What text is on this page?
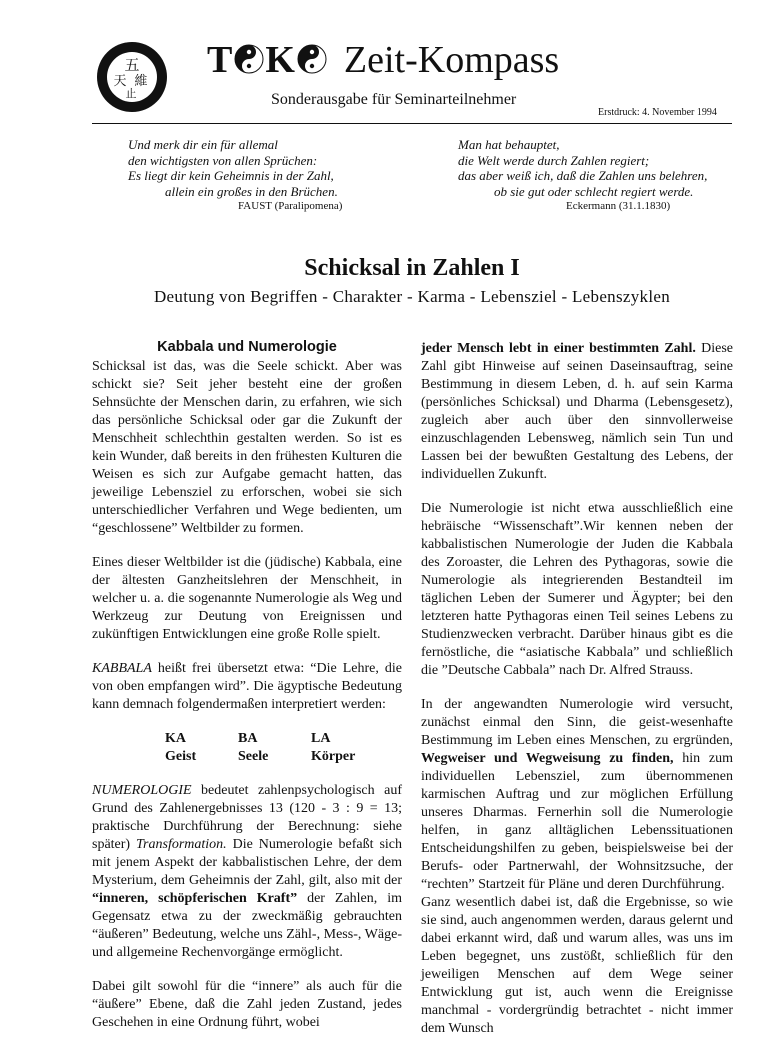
五
天 維
止
T K Zeit-Kompass
Sonderausgabe für Seminarteilnehmer
Erstdruck: 4. November 1994
Und merk dir ein für allemal
den wichtigsten von allen Sprüchen:
Es liegt dir kein Geheimnis in der Zahl,
allein ein großes in den Brüchen.
FAUST (Paralipomena)
Man hat behauptet,
die Welt werde durch Zahlen regiert;
das aber weiß ich, daß die Zahlen uns belehren,
ob sie gut oder schlecht regiert werde.
Eckermann (31.1.1830)
Schicksal in Zahlen I
Deutung von Begriffen - Charakter - Karma - Lebensziel - Lebenszyklen
Kabbala und Numerologie

Schicksal ist das, was die Seele schickt. Aber was schickt sie? Seit jeher besteht eine der großen Sehnsüchte der Menschen darin, zu erfahren, wie sich das persönliche Schicksal oder gar die Zukunft der Menschheit schlechthin gestalten werden. So ist es kein Wunder, daß bereits in den frühesten Kulturen die Weisen es sich zur Aufgabe gemacht hatten, das jeweilige Lebensziel zu erforschen, wobei sie sich unterschiedlicher Verfahren und Wege bedienten, um “geschlossene” Weltbilder zu formen.

Eines dieser Weltbilder ist die (jüdische) Kabbala, eine der ältesten Ganzheitslehren der Menschheit, in welcher u. a. die sogenannte Numerologie als Weg und Werkzeug zur Deutung von Ereignissen und zukünftigen Entwicklungen eine große Rolle spielt.

KABBALA heißt frei übersetzt etwa: “Die Lehre, die von oben empfangen wird”. Die ägyptische Bedeutung kann demnach folgendermaßen interpretiert werden:

KA	BA	LA
Geist	Seele	Körper

NUMEROLOGIE bedeutet zahlenpsychologisch auf Grund des Zahlenergebnisses 13 (120 - 3 : 9 = 13; praktische Durchführung der Berechnung: siehe später) Transformation. Die Numerologie befaßt sich mit jenem Aspekt der kabbalistischen Lehre, der dem Mysterium, dem Geheimnis der Zahl, gilt, also mit der “inneren, schöpferischen Kraft” der Zahlen, im Gegensatz etwa zu der zweckmäßig gebrauchten “äußeren” Bedeutung, welche uns Zähl-, Mess-, Wäge- und allgemeine Rechenvorgänge ermöglicht.

Dabei gilt sowohl für die “innere” als auch für die “äußere” Ebene, daß die Zahl jeden Zustand, jedes Geschehen in eine Ordnung führt, wobei

jeder Mensch lebt in einer bestimmten Zahl. Diese Zahl gibt Hinweise auf seinen Daseinsauftrag, seine Bestimmung in diesem Leben, d. h. auf sein Karma (persönliches Schicksal) und Dharma (Lebensgesetz), zugleich aber auch über den sinnvollerweise einzuschlagenden Lebensweg, nämlich sein Tun und Lassen bei der bewußten Gestaltung des Lebens, der individuellen Zukunft.

Die Numerologie ist nicht etwa ausschließlich eine hebräische “Wissenschaft”.Wir kennen neben der kabbalistischen Numerologie der Juden die Kabbala des Zoroaster, die Lehren des Pythagoras, sowie die Numerologie als integrierenden Bestandteil im täglichen Leben der Sumerer und Ägypter; bei den letzteren hatte Pythagoras einen Teil seines Lebens zu Studienzwecken verbracht. Darüber hinaus gibt es die fernöstliche, die “asiatische Kabbala” und schließlich die ”Deutsche Cabbala” nach Dr. Alfred Strauss.

In der angewandten Numerologie wird versucht, zunächst einmal den Sinn, die geist-wesenhafte Bestimmung im Leben eines Menschen, zu ergründen, Wegweiser und Wegweisung zu finden, hin zum individuellen Lebensziel, zum übernommenen karmischen Auftrag und zur möglichen Erfüllung unseres Dharmas. Fernerhin soll die Numerologie helfen, in ganz alltäglichen Lebenssituationen Entscheidungshilfen zu geben, beispielsweise bei der Berufs- oder Partnerwahl, der Wohnsitzsuche, der “rechten” Startzeit für Pläne und deren Durchführung.

Ganz wesentlich dabei ist, daß die Ergebnisse, so wie sie sind, auch angenommen werden, daraus gelernt und dabei erkannt wird, daß und warum alles, was uns im Leben begegnet, uns zustößt, schließlich für den jeweiligen Menschen auf dem Wege seiner Entwicklung gut ist, auch wenn die Ereignisse manchmal - vordergründig betrachtet - nicht immer dem Wunsch
